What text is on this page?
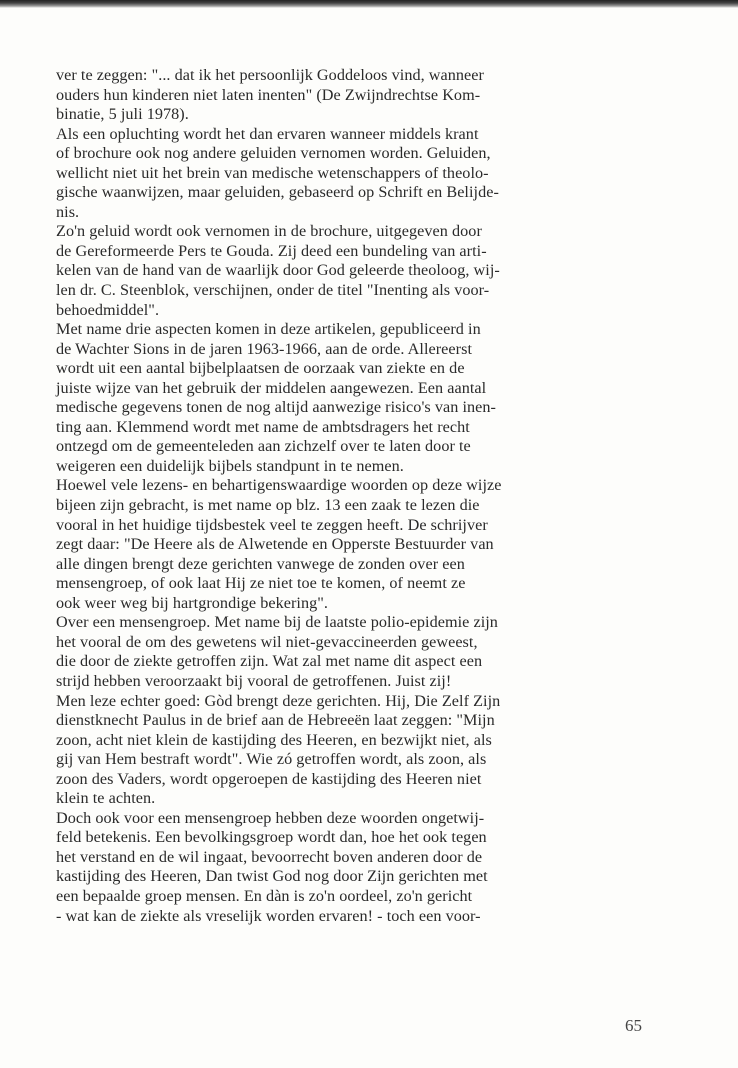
ver te zeggen: "... dat ik het persoonlijk Goddeloos vind, wanneer
ouders hun kinderen niet laten inenten" (De Zwijndrechtse Kom-
binatie, 5 juli 1978).
Als een opluchting wordt het dan ervaren wanneer middels krant
of brochure ook nog andere geluiden vernomen worden. Geluiden,
wellicht niet uit het brein van medische wetenschappers of theolo-
gische waanwijzen, maar geluiden, gebaseerd op Schrift en Belijde-
nis.
Zo'n geluid wordt ook vernomen in de brochure, uitgegeven door
de Gereformeerde Pers te Gouda. Zij deed een bundeling van arti-
kelen van de hand van de waarlijk door God geleerde theoloog, wij-
len dr. C. Steenblok, verschijnen, onder de titel "Inenting als voor-
behoedmiddel".
Met name drie aspecten komen in deze artikelen, gepubliceerd in
de Wachter Sions in de jaren 1963-1966, aan de orde. Allereerst
wordt uit een aantal bijbelplaatsen de oorzaak van ziekte en de
juiste wijze van het gebruik der middelen aangewezen. Een aantal
medische gegevens tonen de nog altijd aanwezige risico's van inen-
ting aan. Klemmend wordt met name de ambtsdragers het recht
ontzegd om de gemeenteleden aan zichzelf over te laten door te
weigeren een duidelijk bijbels standpunt in te nemen.
Hoewel vele lezens- en behartigenswaardige woorden op deze wijze
bijeen zijn gebracht, is met name op blz. 13 een zaak te lezen die
vooral in het huidige tijdsbestek veel te zeggen heeft. De schrijver
zegt daar: "De Heere als de Alwetende en Opperste Bestuurder van
alle dingen brengt deze gerichten vanwege de zonden over een
mensengroep, of ook laat Hij ze niet toe te komen, of neemt ze
ook weer weg bij hartgrondige bekering".
Over een mensengroep. Met name bij de laatste polio-epidemie zijn
het vooral de om des gewetens wil niet-gevaccineerden geweest,
die door de ziekte getroffen zijn. Wat zal met name dit aspect een
strijd hebben veroorzaakt bij vooral de getroffenen. Juist zij!
Men leze echter goed: Gòd brengt deze gerichten. Hij, Die Zelf Zijn
dienstknecht Paulus in de brief aan de Hebreeën laat zeggen: "Mijn
zoon, acht niet klein de kastijding des Heeren, en bezwijkt niet, als
gij van Hem bestraft wordt". Wie zó getroffen wordt, als zoon, als
zoon des Vaders, wordt opgeroepen de kastijding des Heeren niet
klein te achten.
Doch ook voor een mensengroep hebben deze woorden ongetwij-
feld betekenis. Een bevolkingsgroep wordt dan, hoe het ook tegen
het verstand en de wil ingaat, bevoorrecht boven anderen door de
kastijding des Heeren, Dan twist God nog door Zijn gerichten met
een bepaalde groep mensen. En dàn is zo'n oordeel, zo'n gericht
- wat kan de ziekte als vreselijk worden ervaren! - toch een voor-
65
